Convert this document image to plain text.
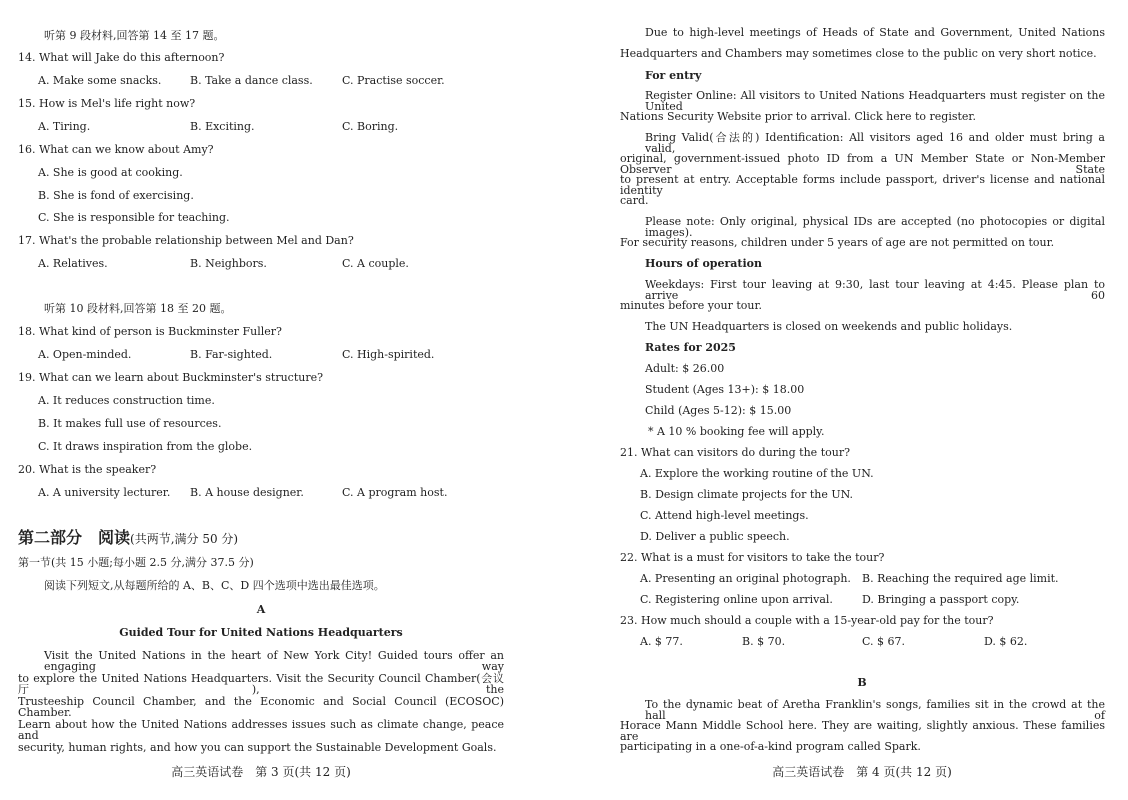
听第 9 段材料,回答第 14 至 17 题。
14. What will Jake do this afternoon?
A. Make some snacks.	B. Take a dance class.	C. Practise soccer.
15. How is Mel's life right now?
A. Tiring.	B. Exciting.	C. Boring.
16. What can we know about Amy?
A. She is good at cooking.
B. She is fond of exercising.
C. She is responsible for teaching.
17. What's the probable relationship between Mel and Dan?
A. Relatives.	B. Neighbors.	C. A couple.
听第 10 段材料,回答第 18 至 20 题。
18. What kind of person is Buckminster Fuller?
A. Open-minded.	B. Far-sighted.	C. High-spirited.
19. What can we learn about Buckminster's structure?
A. It reduces construction time.
B. It makes full use of resources.
C. It draws inspiration from the globe.
20. What is the speaker?
A. A university lecturer. B. A house designer.	C. A program host.
第二部分　阅读(共两节,满分 50 分)
第一节(共 15 小题;每小题 2.5 分,满分 37.5 分)
阅读下列短文,从每题所给的 A、B、C、D 四个选项中选出最佳选项。
A
Guided Tour for United Nations Headquarters
Visit the United Nations in the heart of New York City! Guided tours offer an engaging way
to explore the United Nations Headquarters. Visit the Security Council Chamber(会议厅), the
Trusteeship Council Chamber, and the Economic and Social Council (ECOSOC) Chamber.
Learn about how the United Nations addresses issues such as climate change, peace and
security, human rights, and how you can support the Sustainable Development Goals.
高三英语试卷　第 3 页(共 12 页)
Due to high-level meetings of Heads of State and Government, United Nations
Headquarters and Chambers may sometimes close to the public on very short notice.
For entry
Register Online: All visitors to United Nations Headquarters must register on the United
Nations Security Website prior to arrival. Click here to register.
Bring Valid(合法的) Identification: All visitors aged 16 and older must bring a valid,
original, government-issued photo ID from a UN Member State or Non-Member Observer State
to present at entry. Acceptable forms include passport, driver's license and national identity
card.
Please note: Only original, physical IDs are accepted (no photocopies or digital images).
For security reasons, children under 5 years of age are not permitted on tour.
Hours of operation
Weekdays: First tour leaving at 9:30, last tour leaving at 4:45. Please plan to arrive 60
minutes before your tour.
The UN Headquarters is closed on weekends and public holidays.
Rates for 2025
Adult: $ 26.00
Student (Ages 13+): $ 18.00
Child (Ages 5-12): $ 15.00
* A 10 % booking fee will apply.
21. What can visitors do during the tour?
A. Explore the working routine of the UN.
B. Design climate projects for the UN.
C. Attend high-level meetings.
D. Deliver a public speech.
22. What is a must for visitors to take the tour?
A. Presenting an original photograph. B. Reaching the required age limit.
C. Registering online upon arrival.	D. Bringing a passport copy.
23. How much should a couple with a 15-year-old pay for the tour?
A. $ 77.	B. $ 70.	C. $ 67.	D. $ 62.
B
To the dynamic beat of Aretha Franklin's songs, families sit in the crowd at the hall of
Horace Mann Middle School here. They are waiting, slightly anxious. These families are
participating in a one-of-a-kind program called Spark.
高三英语试卷　第 4 页(共 12 页)
